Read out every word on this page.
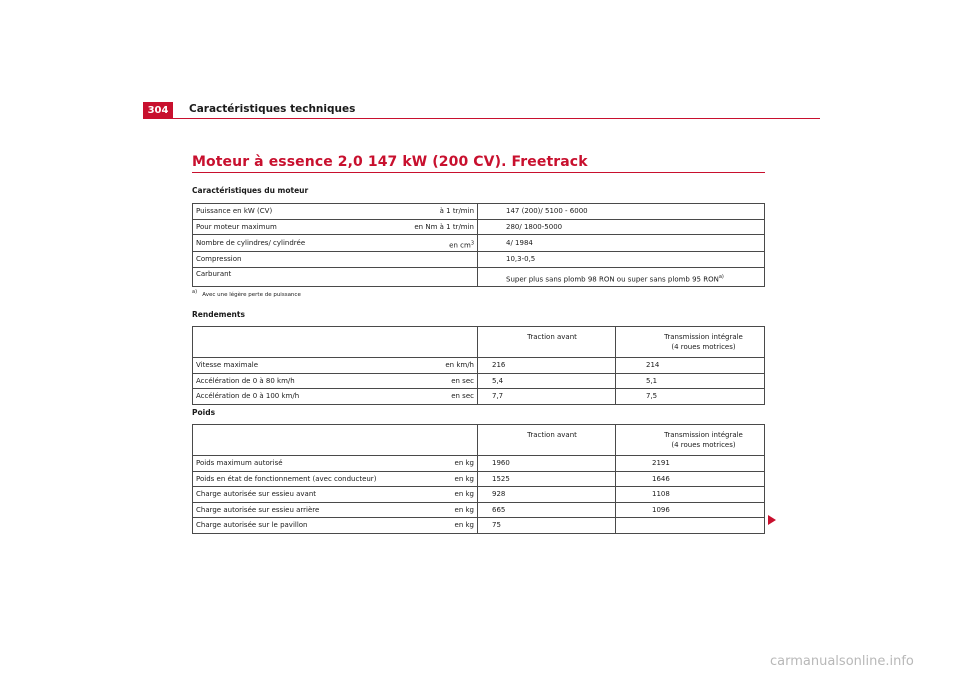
304	Caractéristiques techniques
Moteur à essence 2,0 147 kW (200 CV). Freetrack
Caractéristiques du moteur
Puissance en kW (CV) à 1 tr/min	147 (200)/ 5100 - 6000

Pour moteur maximum en Nm à 1 tr/min	280/ 1800-5000

Nombre de cylindres/ cylindrée en $cm^3$	4/ 1984

Compression	10,3-0,5

Carburant	Super plus sans plomb 98 RON ou super sans plomb 95 RON$^{a)}$
$^{a)}$ Avec une légère perte de puissance
Rendements
	Traction avant	Transmission intégrale
(4 roues motrices)

Vitesse maximale en km/h	216	214

Accélération de 0 à 80 km/h en sec	5,4	5,1

Accélération de 0 à 100 km/h en sec	7,7	7,5
Poids
	Traction avant	Transmission intégrale
(4 roues motrices)

Poids maximum autorisé en kg	1960	2191

Poids en état de fonctionnement (avec conducteur) en kg	1525	1646

Charge autorisée sur essieu avant en kg	928	1108

Charge autorisée sur essieu arrière en kg	665	1096

Charge autorisée sur le pavillon en kg	75	
carmanualsonline.info
